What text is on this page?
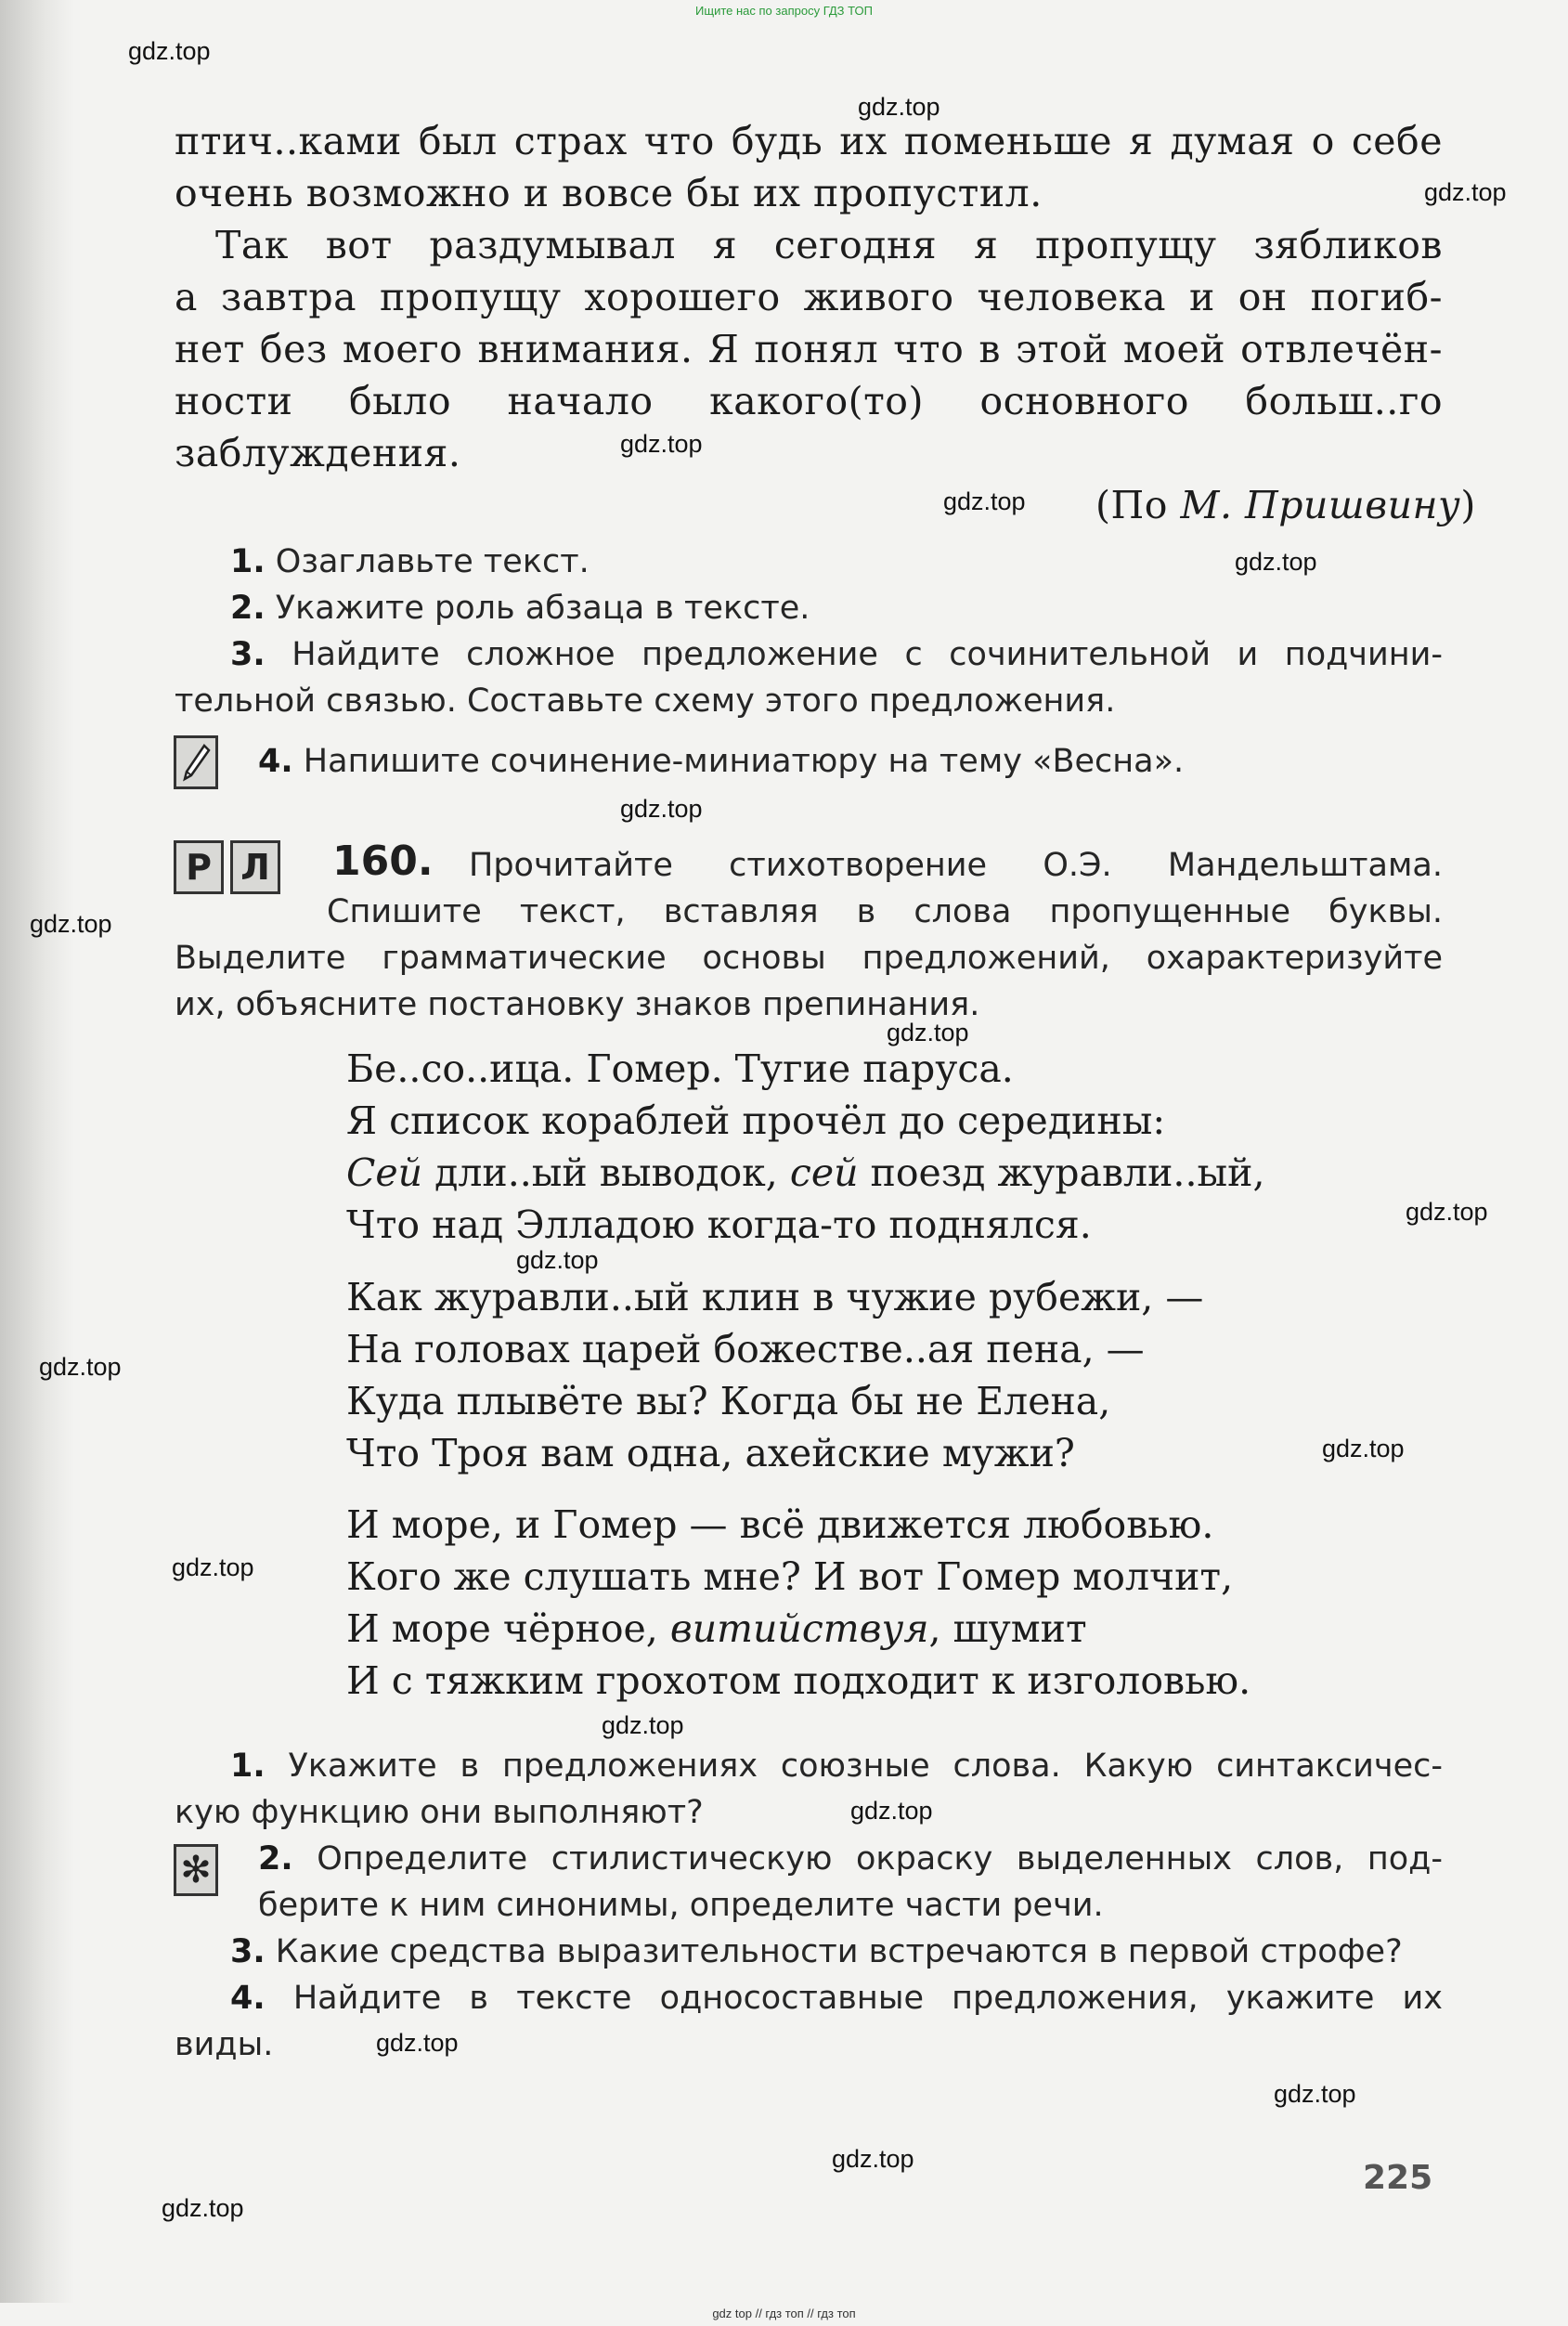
Ищите нас по запросу ГДЗ ТОП
птич..ками был страх что будь их поменьше я думая о себе
очень возможно и вовсе бы их пропустил.
Так вот раздумывал я сегодня я пропущу зябликов
а завтра пропущу хорошего живого человека и он погиб-
нет без моего внимания. Я понял что в этой моей отвлечён-
ности было начало какого(то) основного больш..го
заблуждения.
(По М. Пришвину)
1. Озаглавьте текст.
2. Укажите роль абзаца в тексте.
3. Найдите сложное предложение с сочинительной и подчини-
тельной связью. Составьте схему этого предложения.
4. Напишите сочинение-миниатюру на тему «Весна».
Р Л 160. Прочитайте стихотворение О.Э. Мандельштама.
Спишите текст, вставляя в слова пропущенные буквы.
Выделите грамматические основы предложений, охарактеризуйте
их, объясните постановку знаков препинания.
Бе..со..ица. Гомер. Тугие паруса.
Я список кораблей прочёл до середины:
Сей дли..ый выводок, сей поезд журавли..ый,
Что над Элладою когда-то поднялся.
Как журавли..ый клин в чужие рубежи, —
На головах царей божестве..ая пена, —
Куда плывёте вы? Когда бы не Елена,
Что Троя вам одна, ахейские мужи?
И море, и Гомер — всё движется любовью.
Кого же слушать мне? И вот Гомер молчит,
И море чёрное, витийствуя, шумит
И с тяжким грохотом подходит к изголовью.
1. Укажите в предложениях союзные слова. Какую синтаксичес-
кую функцию они выполняют?
✻ 2. Определите стилистическую окраску выделенных слов, под-
берите к ним синонимы, определите части речи.
3. Какие средства выразительности встречаются в первой строфе?
4. Найдите в тексте односоставные предложения, укажите их
виды.
225
gdz.top
gdz.top
gdz.top
gdz.top
gdz.top
gdz.top
gdz.top
gdz.top
gdz.top
gdz.top
gdz.top
gdz.top
gdz.top
gdz.top
gdz.top
gdz.top
gdz.top
gdz.top
gdz.top
gdz.top
gdz top // гдз топ // гдз топ
